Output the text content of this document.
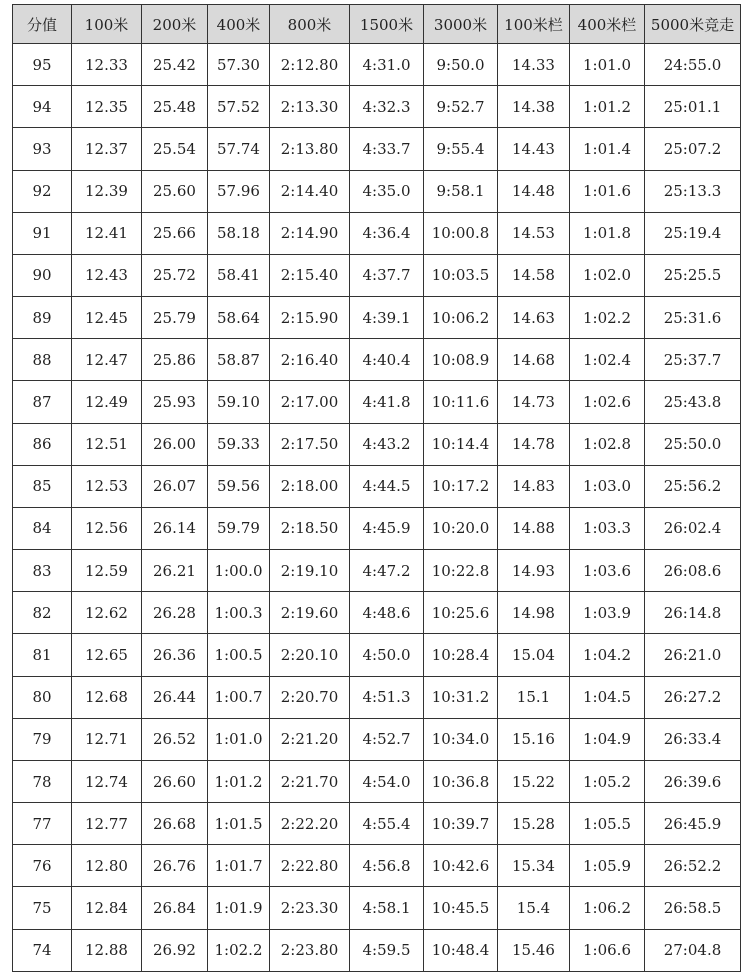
分值	100米	200米	400米	800米	1500米	3000米	100米栏	400米栏	5000米竞走
95	12.33	25.42	57.30	2:12.80	4:31.0	9:50.0	14.33	1:01.0	24:55.0
94	12.35	25.48	57.52	2:13.30	4:32.3	9:52.7	14.38	1:01.2	25:01.1
93	12.37	25.54	57.74	2:13.80	4:33.7	9:55.4	14.43	1:01.4	25:07.2
92	12.39	25.60	57.96	2:14.40	4:35.0	9:58.1	14.48	1:01.6	25:13.3
91	12.41	25.66	58.18	2:14.90	4:36.4	10:00.8	14.53	1:01.8	25:19.4
90	12.43	25.72	58.41	2:15.40	4:37.7	10:03.5	14.58	1:02.0	25:25.5
89	12.45	25.79	58.64	2:15.90	4:39.1	10:06.2	14.63	1:02.2	25:31.6
88	12.47	25.86	58.87	2:16.40	4:40.4	10:08.9	14.68	1:02.4	25:37.7
87	12.49	25.93	59.10	2:17.00	4:41.8	10:11.6	14.73	1:02.6	25:43.8
86	12.51	26.00	59.33	2:17.50	4:43.2	10:14.4	14.78	1:02.8	25:50.0
85	12.53	26.07	59.56	2:18.00	4:44.5	10:17.2	14.83	1:03.0	25:56.2
84	12.56	26.14	59.79	2:18.50	4:45.9	10:20.0	14.88	1:03.3	26:02.4
83	12.59	26.21	1:00.0	2:19.10	4:47.2	10:22.8	14.93	1:03.6	26:08.6
82	12.62	26.28	1:00.3	2:19.60	4:48.6	10:25.6	14.98	1:03.9	26:14.8
81	12.65	26.36	1:00.5	2:20.10	4:50.0	10:28.4	15.04	1:04.2	26:21.0
80	12.68	26.44	1:00.7	2:20.70	4:51.3	10:31.2	15.1	1:04.5	26:27.2
79	12.71	26.52	1:01.0	2:21.20	4:52.7	10:34.0	15.16	1:04.9	26:33.4
78	12.74	26.60	1:01.2	2:21.70	4:54.0	10:36.8	15.22	1:05.2	26:39.6
77	12.77	26.68	1:01.5	2:22.20	4:55.4	10:39.7	15.28	1:05.5	26:45.9
76	12.80	26.76	1:01.7	2:22.80	4:56.8	10:42.6	15.34	1:05.9	26:52.2
75	12.84	26.84	1:01.9	2:23.30	4:58.1	10:45.5	15.4	1:06.2	26:58.5
74	12.88	26.92	1:02.2	2:23.80	4:59.5	10:48.4	15.46	1:06.6	27:04.8
